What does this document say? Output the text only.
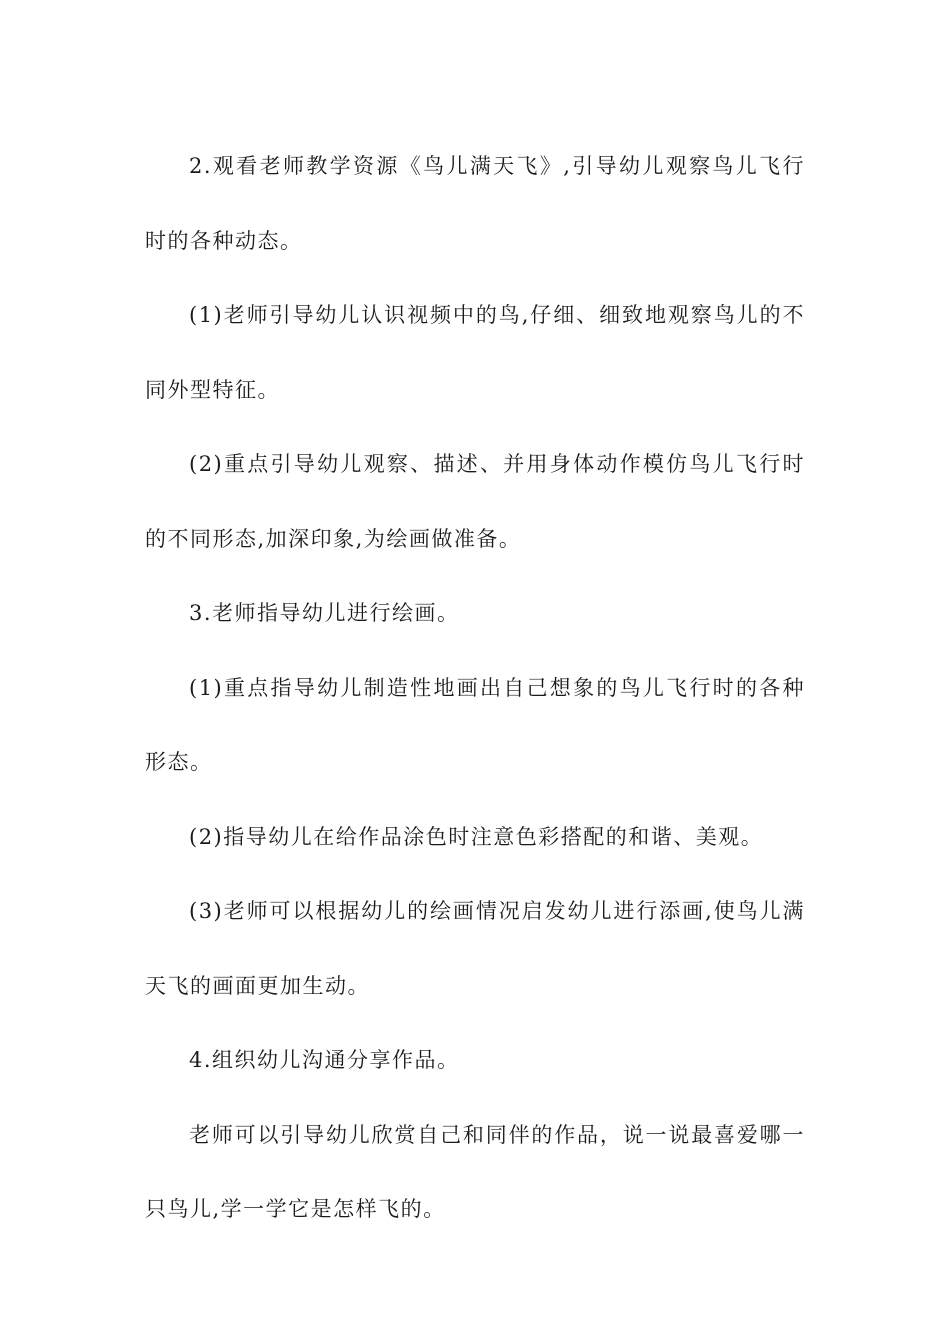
2.观看老师教学资源《鸟儿满天飞》,引导幼儿观察鸟儿飞行时的各种动态。

(1)老师引导幼儿认识视频中的鸟,仔细、细致地观察鸟儿的不同外型特征。

(2)重点引导幼儿观察、描述、并用身体动作模仿鸟儿飞行时的不同形态,加深印象,为绘画做准备。

3.老师指导幼儿进行绘画。

(1)重点指导幼儿制造性地画出自己想象的鸟儿飞行时的各种形态。

(2)指导幼儿在给作品涂色时注意色彩搭配的和谐、美观。

(3)老师可以根据幼儿的绘画情况启发幼儿进行添画,使鸟儿满天飞的画面更加生动。

4.组织幼儿沟通分享作品。

老师可以引导幼儿欣赏自己和同伴的作品，说一说最喜爱哪一只鸟儿,学一学它是怎样飞的。
